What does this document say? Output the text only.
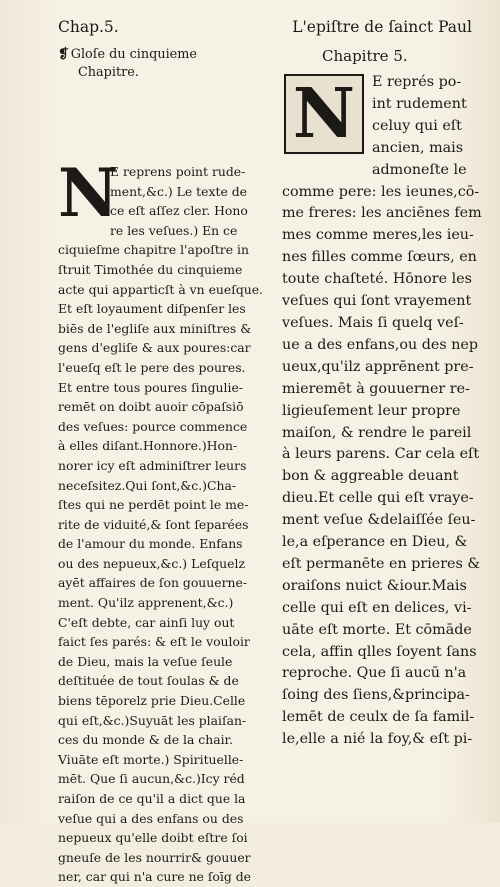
Chap.5.	L'epiſtre de ſainct Paul
❡ Gloſe du cinquieme
Chapitre.
N
E reprens point rude-
ment,&c.) Le texte de
ce eſt aſſez cler. Hono
re les veſues.) En ce
ciquieſme chapitre l'apoſtre in
ſtruit Timothée du cinquieme
acte qui apparticſt à vn eueſque.
Et eſt loyaument diſpenſer les
biēs de l'egliſe aux miniſtres &
gens d'egliſe & aux poures:car
l'eueſq eſt le pere des poures.
Et entre tous poures ſingulie-
remēt on doibt auoir cōpaſsiō
des veſues: pource commence
à elles diſant.Honnore.)Hon-
norer icy eſt adminiſtrer leurs
neceſsitez.Qui ſont,&c.)Cha-
ſtes qui ne perdēt point le me-
rite de viduité,& ſont ſeparées
de l'amour du monde. Enfans
ou des nepueux,&c.) Leſquelz
ayēt affaires de ſon gouuerne-
ment. Qu'ilz apprenent,&c.)
C'eſt debte, car ainſi luy out
faict ſes parés: & eſt le vouloir
de Dieu, mais la veſue ſeule
deſtituée de tout ſoulas & de
biens tēporelz prie Dieu.Celle
qui eſt,&c.)Suyuāt les plaiſan-
ces du monde & de la chair.
Viuāte eſt morte.) Spirituelle-
mēt. Que ſi aucun,&c.)Icy réd
raiſon de ce qu'il a dict que la
veſue qui a des enfans ou des
nepueux qu'elle doibt eſtre ſoi
gneuſe de les nourrir& gouuer
ner, car qui n'a cure ne ſoīg de
Chapitre 5.
N	E représ po-
int rudement
celuy qui eſt
ancien, mais
admoneſte le
comme pere: les ieunes,cō-
me freres: les anciēnes fem
mes comme meres,les ieu-
nes filles comme ſœurs, en
toute chaſteté. Hōnore les
veſues qui ſont vrayement
veſues. Mais ſi quelq veſ-
ue a des enfans,ou des nep
ueux,qu'ilz apprēnent pre-
mieremēt à gouuerner re-
ligieuſement leur propre
maiſon, & rendre le pareil
à leurs parens. Car cela eſt
bon & aggreable deuant
dieu.Et celle qui eſt vraye-
ment veſue &delaiſſée ſeu-
le,a eſperance en Dieu, &
eſt permanēte en prieres &
oraiſons nuict &iour.Mais
celle qui eſt en delices, vi-
uāte eſt morte. Et cōmāde
cela, affin qlles ſoyent ſans
reproche. Que ſi aucū n'a
ſoing des ſiens,&principa-
lemēt de ceulx de ſa famil-
le,elle a nié la foy,& eſt pi-
